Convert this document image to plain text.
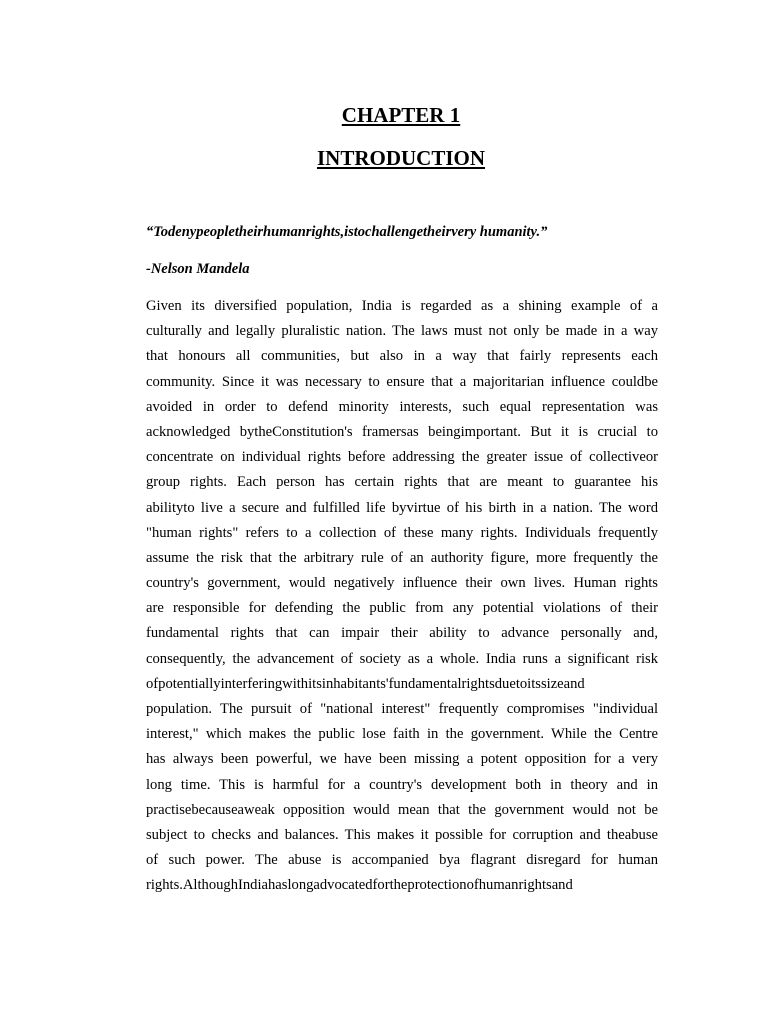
CHAPTER 1
INTRODUCTION

“Todenypeopletheirhumanrights,istochallengetheirvery humanity.”

-Nelson Mandela

Given its diversified population, India is regarded as a shining example of a
culturally and legally pluralistic nation. The laws must not only be made in a way
that honours all communities, but also in a way that fairly represents each
community. Since it was necessary to ensure that a majoritarian influence couldbe
avoided in order to defend minority interests, such equal representation was
acknowledged bytheConstitution's framersas beingimportant. But it is crucial to
concentrate on individual rights before addressing the greater issue of collectiveor
group rights. Each person has certain rights that are meant to guarantee his
abilityto live a secure and fulfilled life byvirtue of his birth in a nation. The word
"human rights" refers to a collection of these many rights. Individuals frequently
assume the risk that the arbitrary rule of an authority figure, more frequently the
country's government, would negatively influence their own lives. Human rights
are responsible for defending the public from any potential violations of their
fundamental rights that can impair their ability to advance personally and,
consequently, the advancement of society as a whole. India runs a significant risk
ofpotentiallyinterferingwithitsinhabitants'fundamentalrightsduetoitssizeand
population. The pursuit of "national interest" frequently compromises "individual
interest," which makes the public lose faith in the government. While the Centre
has always been powerful, we have been missing a potent opposition for a very
long time. This is harmful for a country's development both in theory and in
practisebecauseaweak opposition would mean that the government would not be
subject to checks and balances. This makes it possible for corruption and theabuse
of such power. The abuse is accompanied bya flagrant disregard for human
rights.AlthoughIndiahaslongadvocatedfortheprotectionofhumanrightsand
